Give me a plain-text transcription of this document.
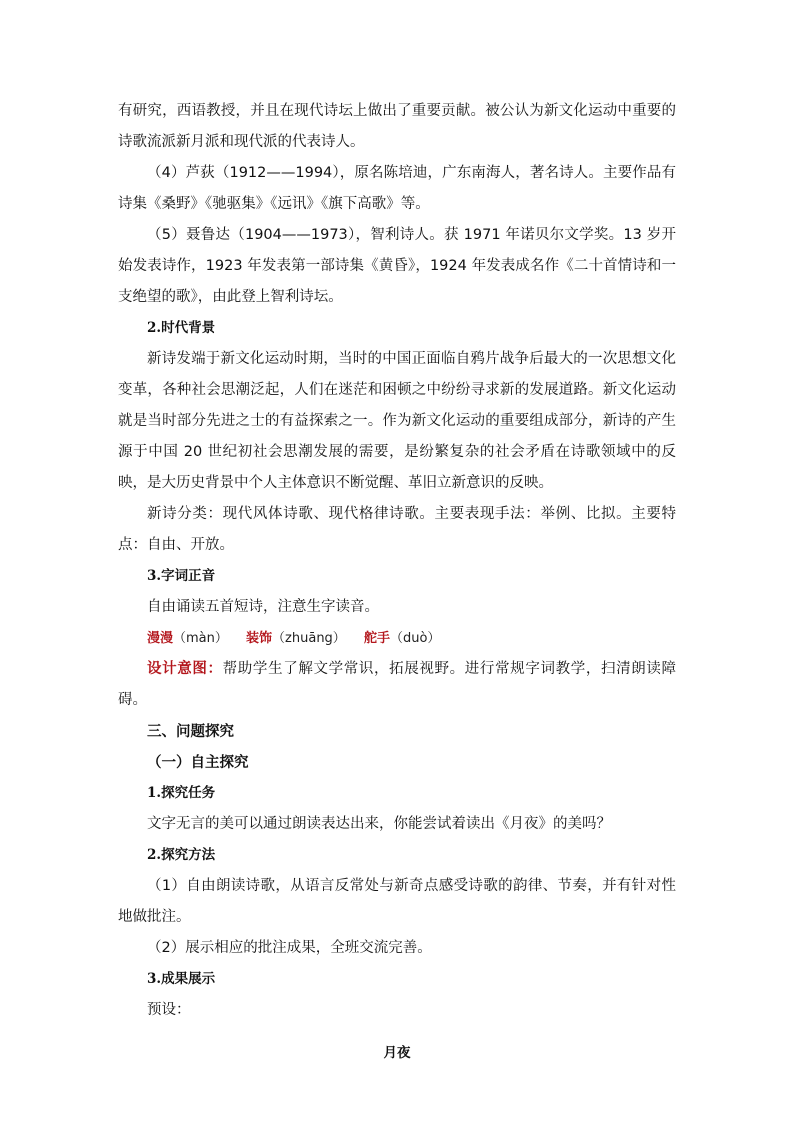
有研究，西语教授，并且在现代诗坛上做出了重要贡献。被公认为新文化运动中重要的诗歌流派新月派和现代派的代表诗人。

（4）芦荻（1912——1994），原名陈培迪，广东南海人，著名诗人。主要作品有诗集《桑野》《驰驱集》《远讯》《旗下高歌》等。

（5）聂鲁达（1904——1973），智利诗人。获 1971 年诺贝尔文学奖。13 岁开始发表诗作，1923 年发表第一部诗集《黄昏》，1924 年发表成名作《二十首情诗和一支绝望的歌》，由此登上智利诗坛。

2.时代背景

新诗发端于新文化运动时期，当时的中国正面临自鸦片战争后最大的一次思想文化变革，各种社会思潮泛起，人们在迷茫和困顿之中纷纷寻求新的发展道路。新文化运动就是当时部分先进之士的有益探索之一。作为新文化运动的重要组成部分，新诗的产生源于中国 20 世纪初社会思潮发展的需要，是纷繁复杂的社会矛盾在诗歌领域中的反映，是大历史背景中个人主体意识不断觉醒、革旧立新意识的反映。

新诗分类：现代风体诗歌、现代格律诗歌。主要表现手法：举例、比拟。主要特点：自由、开放。

3.字词正音

自由诵读五首短诗，注意生字读音。

漫漫（màn） 装饰（zhuāng） 舵手（duò）

设计意图：帮助学生了解文学常识，拓展视野。进行常规字词教学，扫清朗读障碍。

三、问题探究

（一）自主探究

1.探究任务

文字无言的美可以通过朗读表达出来，你能尝试着读出《月夜》的美吗？

2.探究方法

（1）自由朗读诗歌，从语言反常处与新奇点感受诗歌的韵律、节奏，并有针对性地做批注。

（2）展示相应的批注成果，全班交流完善。

3.成果展示

预设：

月夜
